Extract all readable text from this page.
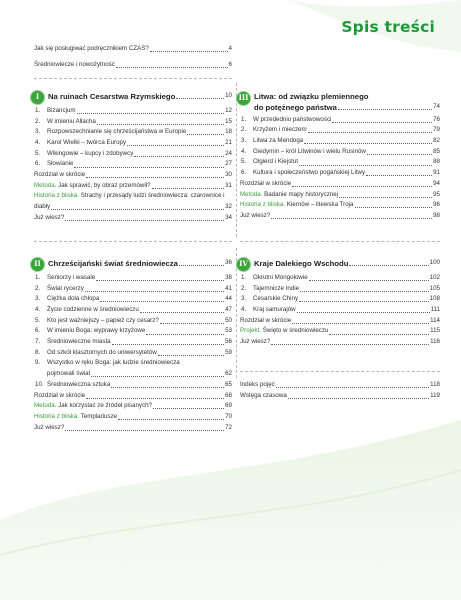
Spis treści
Jak się posługiwać podręcznikiem CZAS?	4
Średniowiecze i nowożytność	6
I	Na ruinach Cesarstwa Rzymskiego	10
1. Bizancjum	12
2. W imieniu Allacha	15
3. Rozpowszechnianie się chrześcijaństwa w Europie	18
4. Karol Wielki – twórca Europy	21
5. Wikingowie – kupcy i zdobywcy	24
6. Słowianie	27
Rozdział w skrócie	30
Metoda. Jak sprawić, by obraz przemówił?	31
Historia z bliska. Strachy i przesądy ludzi średniowiecza: czarownice i
diabły	32
Już wiesz?	34
II Chrześcijański świat średniowiecza	36
1. Seniorzy i wasale	38
2. Świat rycerzy	41
3. Ciężka dola chłopa	44
4. Życie codzienne w średniowieczu	47
5. Kto jest ważniejszy – papież czy cesarz?	50
6. W imieniu Boga: wyprawy krzyżowe	53
7. Średniowieczne miasta	56
8. Od szkół klasztornych do uniwersytetów	59
9. Wszystko w ręku Boga: jak ludzie średniowiecza
pojmowali świat	62
10. Średniowieczna sztuka	65
Rozdział w skrócie	68
Metoda. Jak korzystać ze źródeł pisanych?	69
Historia z bliska. Templariusze	70
Już wiesz?	72
III Litwa: od związku plemiennego
do potężnego państwa	74
1. W przededniu państwowości	76
2. Krzyżem i mieczem	79
3. Litwa za Mendoga	82
4. Giedymin – król Litwinów i wielu Rusinów	85
5. Olgierd i Kiejstut	88
6. Kultura i społeczeństwo pogańskiej Litwy	91
Rozdział w skrócie	94
Metoda. Badanie mapy historycznej	95
Historia z bliska. Kiernów – litewska Troja	96
Już wiesz?	98
IV Kraje Dalekiego Wschodu	100
1. Okrutni Mongołowie	102
2. Tajemnicze Indie	105
3. Cesarskie Chiny	108
4. Kraj samurajów	111
Rozdział w skrócie	114
Projekt. Święto w średniowieczu	115
Już wiesz?	116
Indeks pojęć	118
Wstęga czasowa	119
